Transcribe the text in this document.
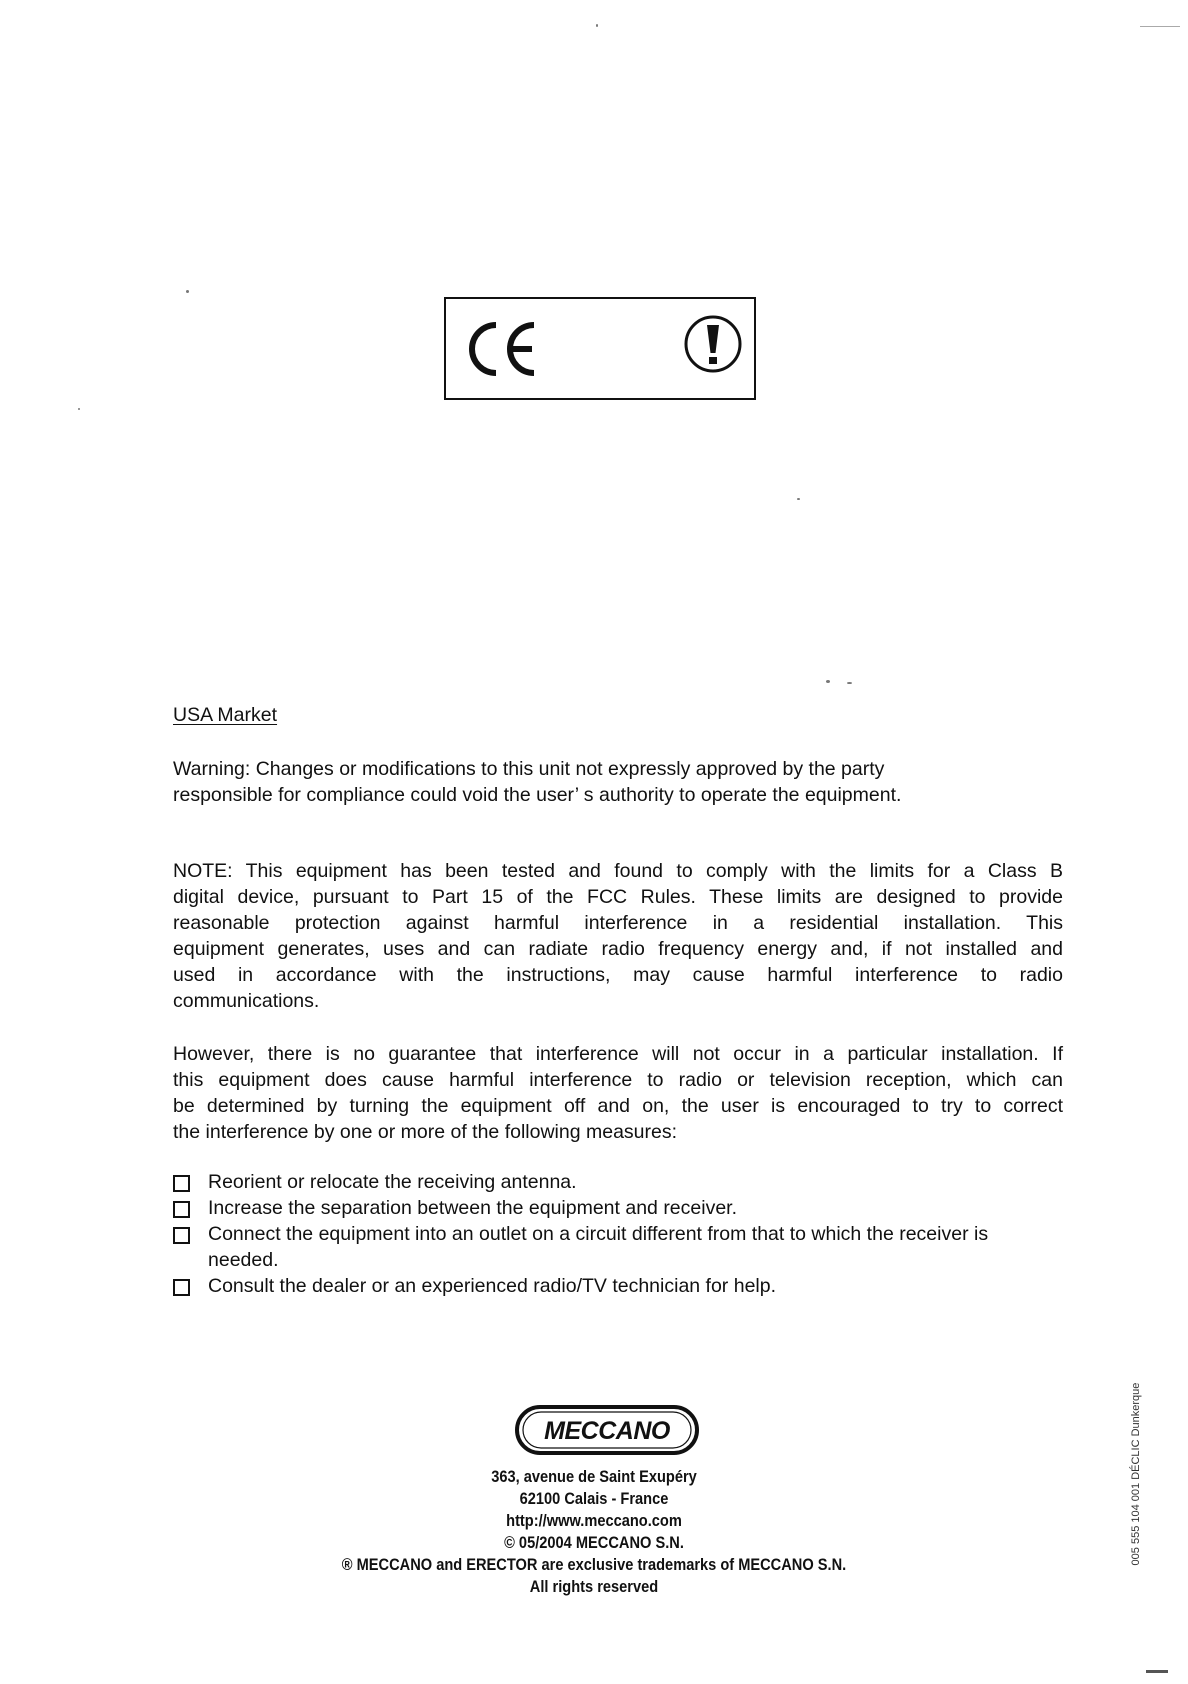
USA Market
Warning: Changes or modifications to this unit not expressly approved by the party
responsible for compliance could void the user’ s authority to operate the equipment.
NOTE: This equipment has been tested and found to comply with the limits for a Class B
digital device, pursuant to Part 15 of the FCC Rules. These limits are designed to provide
reasonable protection against harmful interference in a residential installation. This
equipment generates, uses and can radiate radio frequency energy and, if not installed and
used in accordance with the instructions, may cause harmful interference to radio
communications.
However, there is no guarantee that interference will not occur in a particular installation. If
this equipment does cause harmful interference to radio or television reception, which can
be determined by turning the equipment off and on, the user is encouraged to try to correct
the interference by one or more of the following measures:
Reorient or relocate the receiving antenna.
Increase the separation between the equipment and receiver.
Connect the equipment into an outlet on a circuit different from that to which the receiver is needed.
Consult the dealer or an experienced radio/TV technician for help.
MECCANO
363, avenue de Saint Exupéry
62100 Calais - France
http://www.meccano.com
© 05/2004 MECCANO S.N.
® MECCANO and ERECTOR are exclusive trademarks of MECCANO S.N.
All rights reserved
005 555 104 001 DÉCLIC Dunkerque
